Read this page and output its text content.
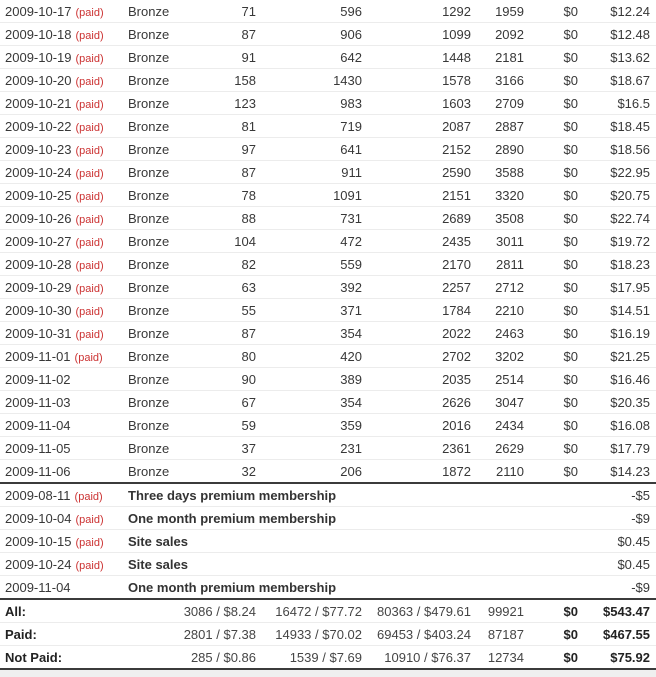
2009-10-17 (paid)	Bronze	71	596	1292	1959	$0	$12.24
2009-10-18 (paid)	Bronze	87	906	1099	2092	$0	$12.48
2009-10-19 (paid)	Bronze	91	642	1448	2181	$0	$13.62
2009-10-20 (paid)	Bronze	158	1430	1578	3166	$0	$18.67
2009-10-21 (paid)	Bronze	123	983	1603	2709	$0	$16.5
2009-10-22 (paid)	Bronze	81	719	2087	2887	$0	$18.45
2009-10-23 (paid)	Bronze	97	641	2152	2890	$0	$18.56
2009-10-24 (paid)	Bronze	87	911	2590	3588	$0	$22.95
2009-10-25 (paid)	Bronze	78	1091	2151	3320	$0	$20.75
2009-10-26 (paid)	Bronze	88	731	2689	3508	$0	$22.74
2009-10-27 (paid)	Bronze	104	472	2435	3011	$0	$19.72
2009-10-28 (paid)	Bronze	82	559	2170	2811	$0	$18.23
2009-10-29 (paid)	Bronze	63	392	2257	2712	$0	$17.95
2009-10-30 (paid)	Bronze	55	371	1784	2210	$0	$14.51
2009-10-31 (paid)	Bronze	87	354	2022	2463	$0	$16.19
2009-11-01 (paid)	Bronze	80	420	2702	3202	$0	$21.25
2009-11-02	Bronze	90	389	2035	2514	$0	$16.46
2009-11-03	Bronze	67	354	2626	3047	$0	$20.35
2009-11-04	Bronze	59	359	2016	2434	$0	$16.08
2009-11-05	Bronze	37	231	2361	2629	$0	$17.79
2009-11-06	Bronze	32	206	1872	2110	$0	$14.23
2009-08-11 (paid)	Three days premium membership						-$5
2009-10-04 (paid)	One month premium membership						-$9
2009-10-15 (paid)	Site sales						$0.45
2009-10-24 (paid)	Site sales						$0.45
2009-11-04	One month premium membership						-$9
All:	3086 / $8.24		16472 / $77.72	80363 / $479.61	99921	$0	$543.47
Paid:	2801 / $7.38		14933 / $70.02	69453 / $403.24	87187	$0	$467.55
Not Paid:	285 / $0.86		1539 / $7.69	10910 / $76.37	12734	$0	$75.92
